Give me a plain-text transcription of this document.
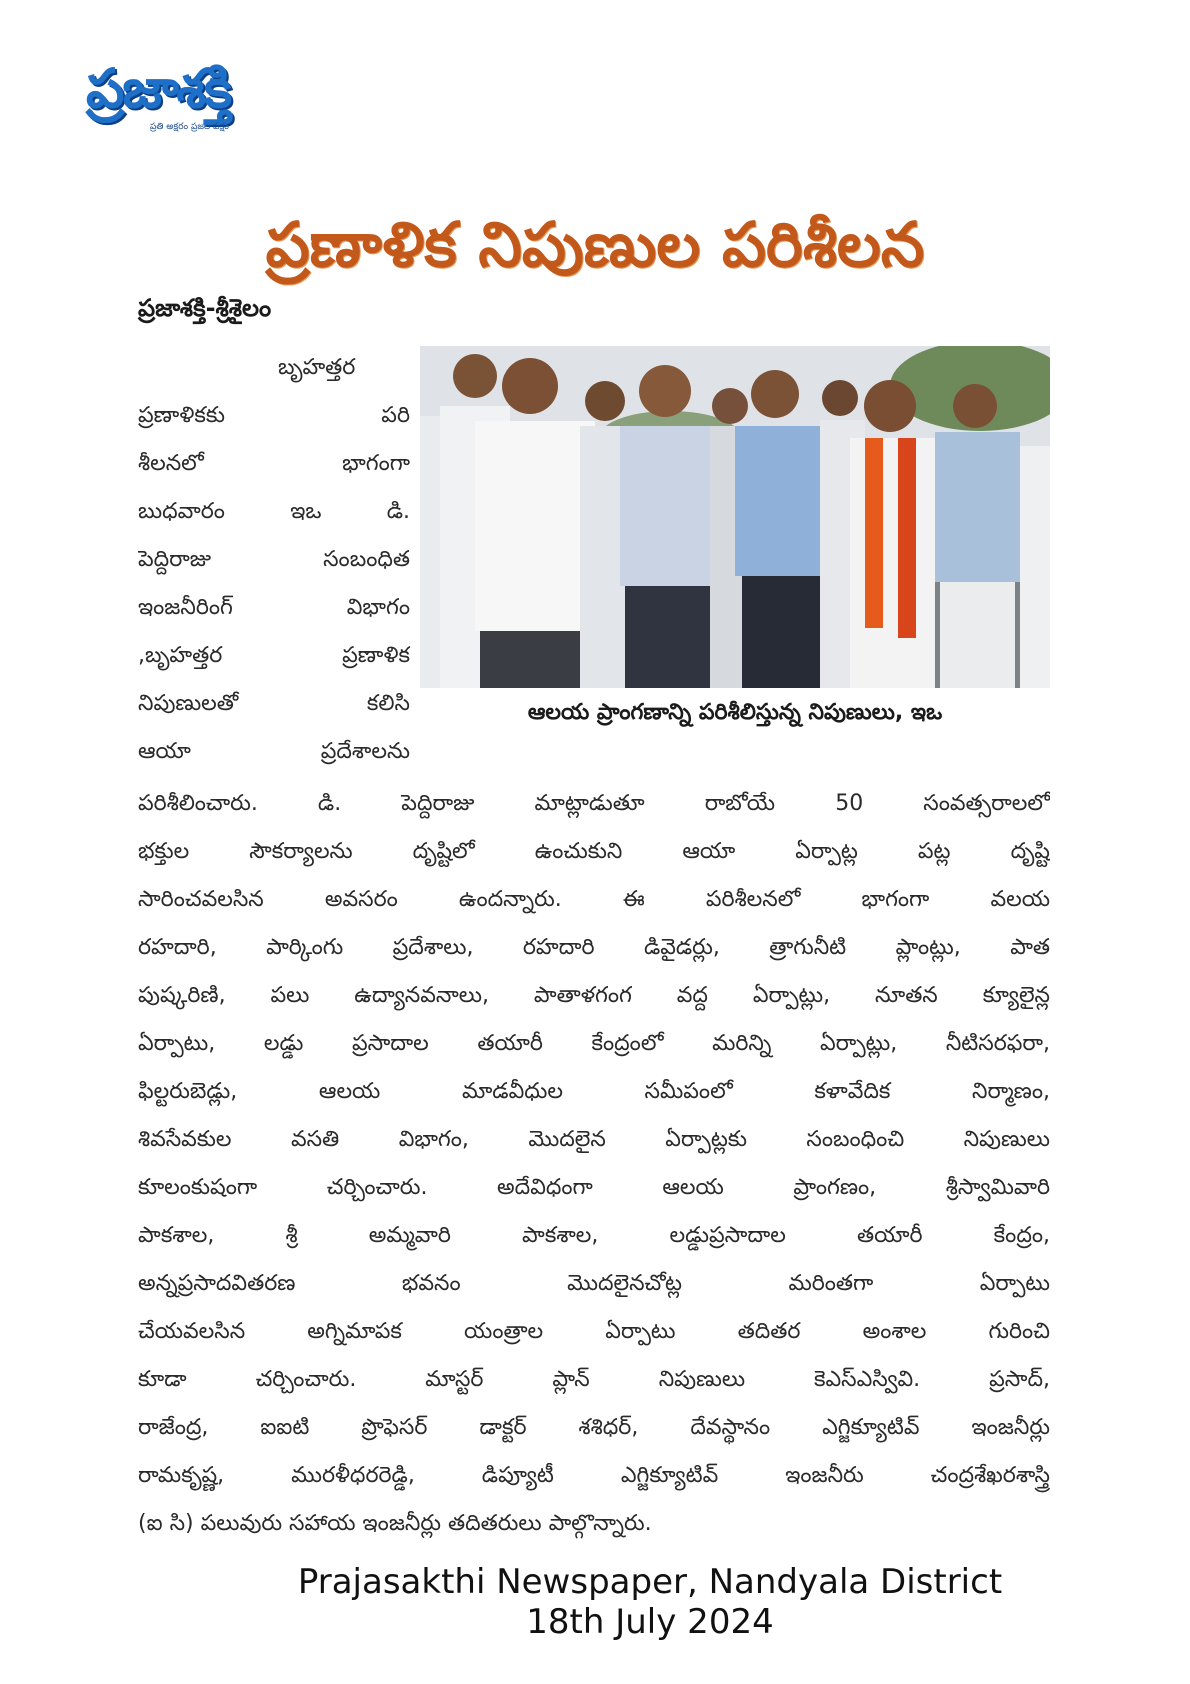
ప్రజాశక్తి
ప్రతి అక్షరం ప్రజల పక్షం
ప్రణాళిక నిపుణుల పరిశీలన
ప్రజాశక్తి-శ్రీశైలం
బృహత్తర
ప్రణాళికకు పరి
శీలనలో భాగంగా
బుధవారం ఇఒ డి.
పెద్దిరాజు సంబంధిత
ఇంజనీరింగ్ విభాగం
,బృహత్తర ప్రణాళిక
నిపుణులతో కలిసి
ఆయా ప్రదేశాలను
ఆలయ ప్రాంగణాన్ని పరిశీలిస్తున్న నిపుణులు, ఇఒ
పరిశీలించారు. డి. పెద్దిరాజు మాట్లాడుతూ రాబోయే 50 సంవత్సరాలలో
భక్తుల సౌకర్యాలను దృష్టిలో ఉంచుకుని ఆయా ఏర్పాట్ల పట్ల దృష్టి
సారించవలసిన అవసరం ఉందన్నారు. ఈ పరిశీలనలో భాగంగా వలయ
రహదారి, పార్కింగు ప్రదేశాలు, రహదారి డివైడర్లు, త్రాగునీటి ప్లాంట్లు, పాత
పుష్కరిణి, పలు ఉద్యానవనాలు, పాతాళగంగ వద్ద ఏర్పాట్లు, నూతన క్యూలైన్ల
ఏర్పాటు, లడ్డు ప్రసాదాల తయారీ కేంద్రంలో మరిన్ని ఏర్పాట్లు, నీటిసరఫరా,
ఫిల్టరుబెడ్లు, ఆలయ మాడవీధుల సమీపంలో కళావేదిక నిర్మాణం,
శివసేవకుల వసతి విభాగం, మొదలైన ఏర్పాట్లకు సంబంధించి నిపుణులు
కూలంకుషంగా చర్చించారు. అదేవిధంగా ఆలయ ప్రాంగణం, శ్రీస్వామివారి
పాకశాల, శ్రీ అమ్మవారి పాకశాల, లడ్డుప్రసాదాల తయారీ కేంద్రం,
అన్నప్రసాదవితరణ భవనం మొదలైనచోట్ల మరింతగా ఏర్పాటు
చేయవలసిన అగ్నిమాపక యంత్రాల ఏర్పాటు తదితర అంశాల గురించి
కూడా చర్చించారు. మాస్టర్ ప్లాన్ నిపుణులు కెఎస్ఎస్వివి. ప్రసాద్,
రాజేంద్ర, ఐఐటి ప్రొఫెసర్ డాక్టర్ శశిధర్, దేవస్థానం ఎగ్జిక్యూటివ్ ఇంజనీర్లు
రామకృష్ణ, మురళీధరరెడ్డి, డిప్యూటీ ఎగ్జిక్యూటివ్ ఇంజనీరు చంద్రశేఖరశాస్త్రి
(ఐ సి) పలువురు సహాయ ఇంజనీర్లు తదితరులు పాల్గొన్నారు.
Prajasakthi Newspaper, Nandyala District
18th July 2024
